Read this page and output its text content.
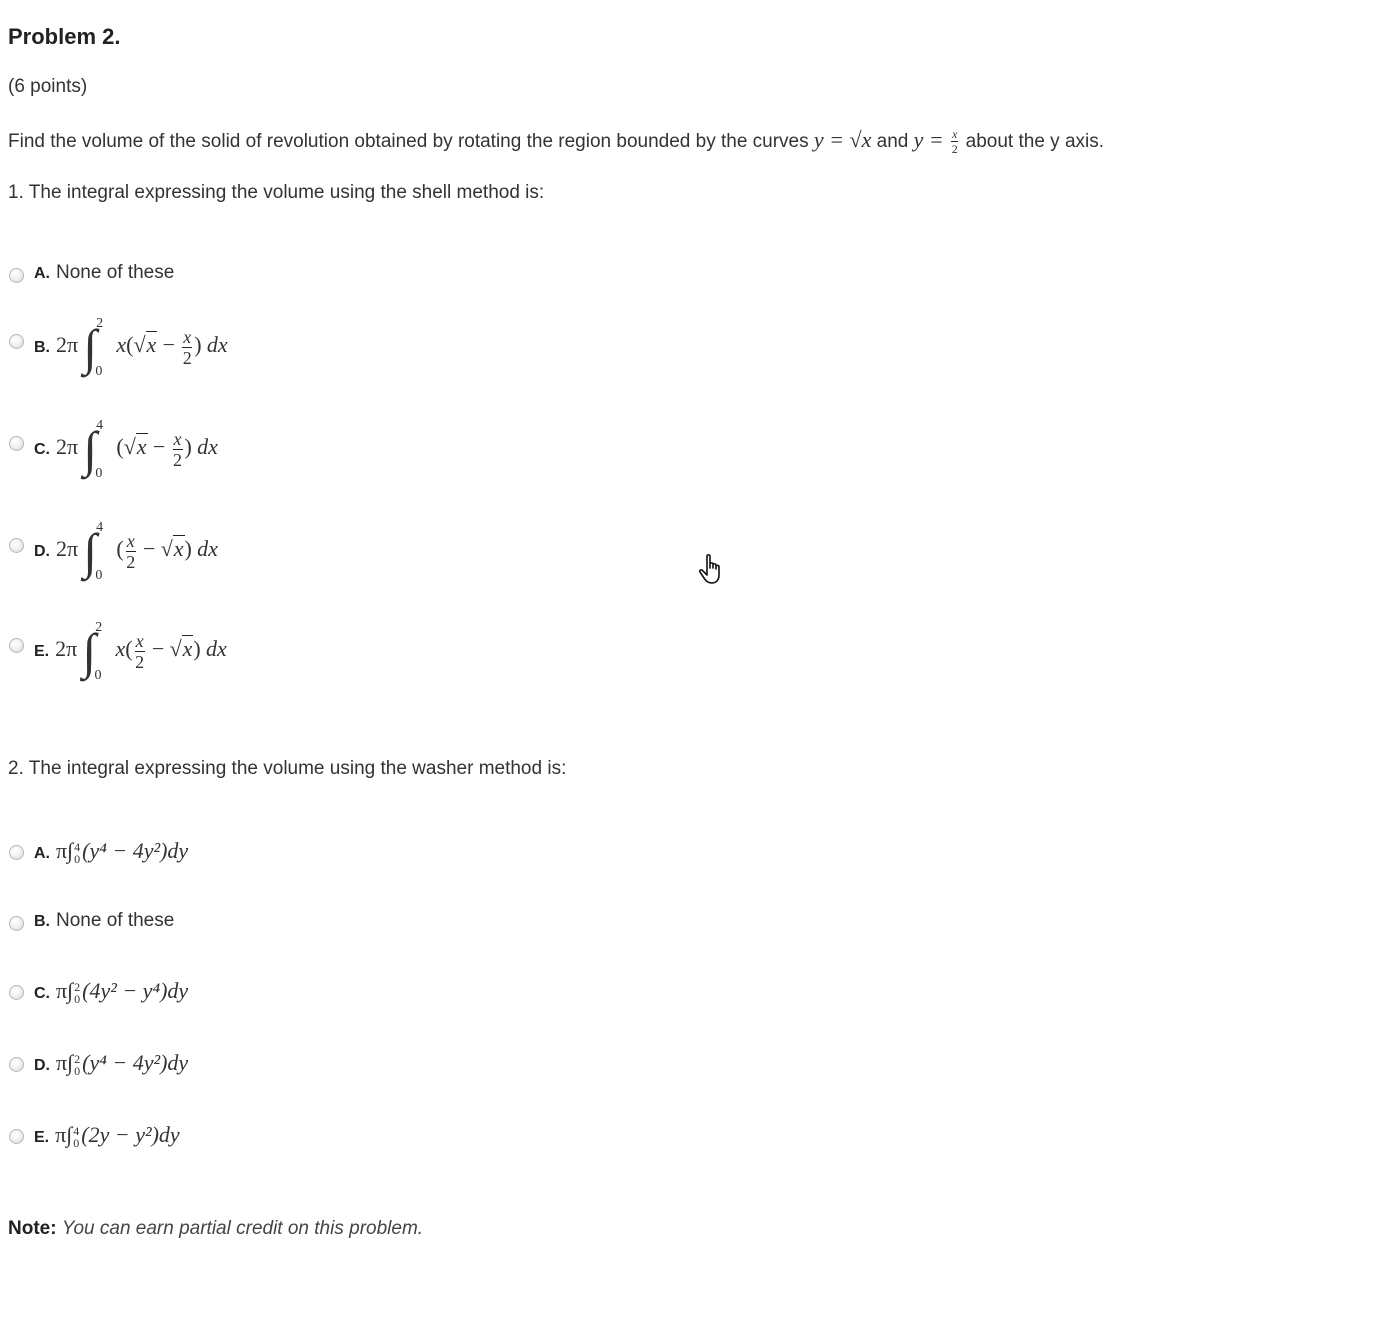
Problem 2.
(6 points)
Find the volume of the solid of revolution obtained by rotating the region bounded by the curves y = √x and $y = \frac{x}{2}$ about the y axis.
1. The integral expressing the volume using the shell method is:
A. None of these
B. 2π ∫ 2
0
$x(√x - \frac{x}{2}$ ) dx
C. 2π ∫ 4
0
($√x - \frac{x}{2}$ ) dx
D. 2π ∫ 4
0
( $\frac{x}{2} - √x$) dx
E. 2π ∫ 2
0
$x( \frac{x}{2} - √x)$ dx
2. The integral expressing the volume using the washer method is:
A. π∫ 4
0 (y⁴ − 4y²)dy
B. None of these
C. π∫ 2
0 (4y² − y⁴)dy
D. π∫ 2
0 (y⁴ − 4y²)dy
E. π∫ 4
0 (2y − y²)dy
Note: You can earn partial credit on this problem.
